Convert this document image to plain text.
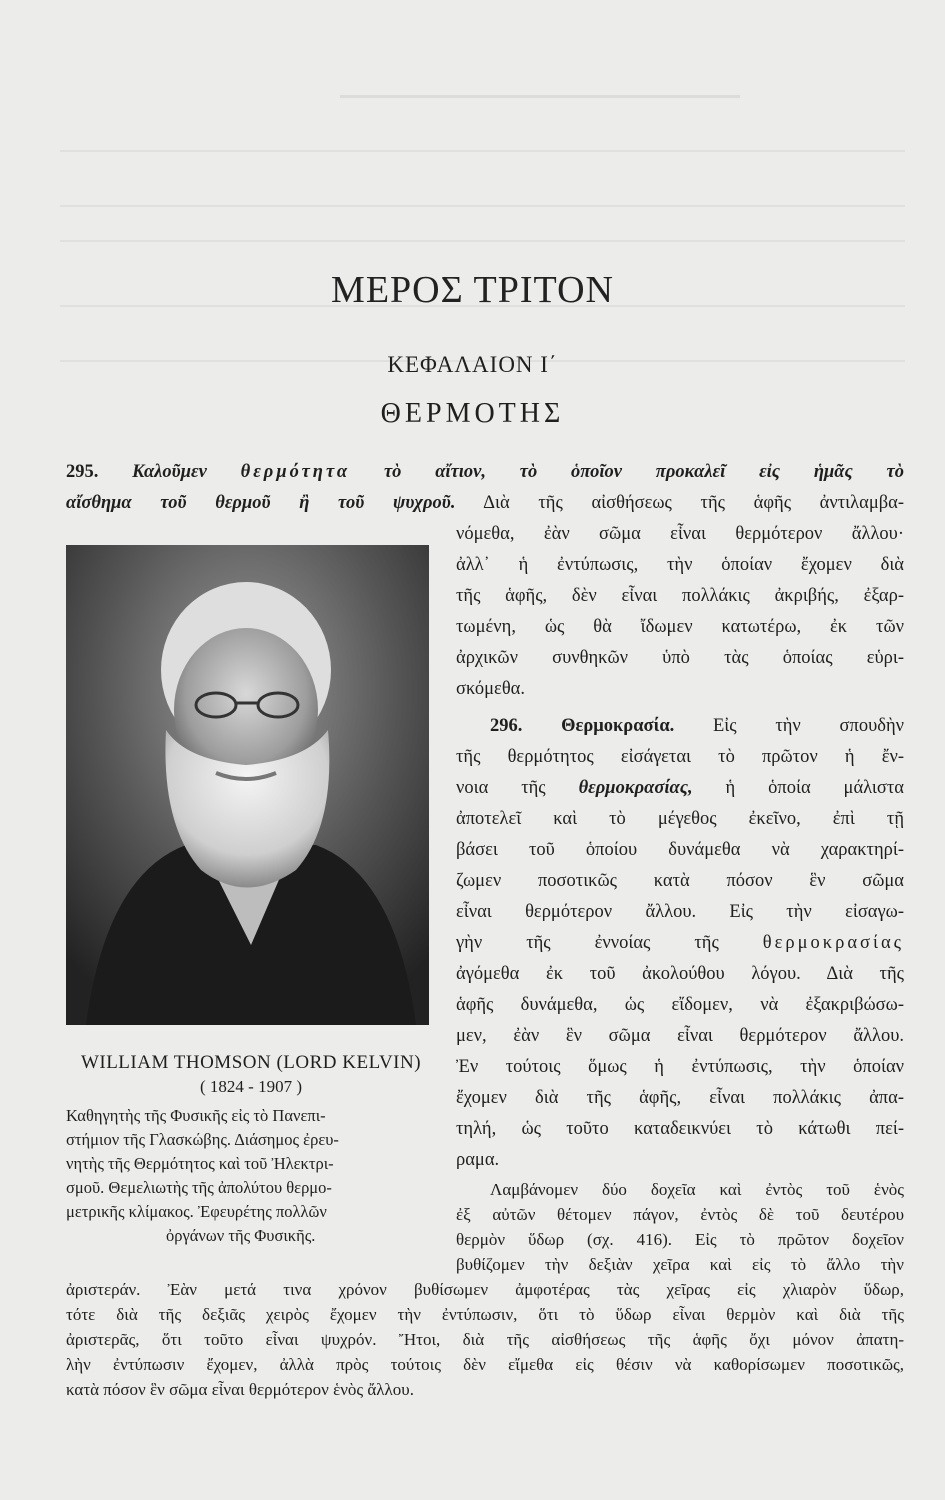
ΜΕΡΟΣ ΤΡΙΤΟΝ
ΚΕΦΑΛΑΙΟΝ Ι΄
ΘΕΡΜΟΤΗΣ
295. Καλοῦμεν θερμότητα τὸ αἴτιον, τὸ ὁποῖον προκαλεῖ εἰς ἡμᾶς τὸ
αἴσθημα τοῦ θερμοῦ ἢ τοῦ ψυχροῦ. Διὰ τῆς αἰσθήσεως τῆς ἁφῆς ἀντιλαμβα-
νόμεθα, ἐὰν σῶμα εἶναι θερμότερον ἄλλου·
ἀλλ᾽ ἡ ἐντύπωσις, τὴν ὁποίαν ἔχομεν διὰ
τῆς ἁφῆς, δὲν εἶναι πολλάκις ἀκριβής, ἐξαρ-
τωμένη, ὡς θὰ ἴδωμεν κατωτέρω, ἐκ τῶν
ἀρχικῶν συνθηκῶν ὑπὸ τὰς ὁποίας εὑρι-
σκόμεθα.
296. Θερμοκρασία. Εἰς τὴν σπουδὴν
τῆς θερμότητος εἰσάγεται τὸ πρῶτον ἡ ἔν-
νοια τῆς θερμοκρασίας, ἡ ὁποία μάλιστα
ἀποτελεῖ καὶ τὸ μέγεθος ἐκεῖνο, ἐπὶ τῇ
βάσει τοῦ ὁποίου δυνάμεθα νὰ χαρακτηρί-
ζωμεν ποσοτικῶς κατὰ πόσον ἓν σῶμα
εἶναι θερμότερον ἄλλου. Εἰς τὴν εἰσαγω-
γὴν τῆς ἐννοίας τῆς θερμοκρασίας
ἀγόμεθα ἐκ τοῦ ἀκολούθου λόγου. Διὰ τῆς
ἁφῆς δυνάμεθα, ὡς εἴδομεν, νὰ ἐξακριβώσω-
μεν, ἐὰν ἓν σῶμα εἶναι θερμότερον ἄλλου.
Ἐν τούτοις ὅμως ἡ ἐντύπωσις, τὴν ὁποίαν
ἔχομεν διὰ τῆς ἁφῆς, εἶναι πολλάκις ἀπα-
τηλή, ὡς τοῦτο καταδεικνύει τὸ κάτωθι πεί-
ραμα.
Λαμβάνομεν δύο δοχεῖα καὶ ἐντὸς τοῦ ἑνὸς
ἐξ αὐτῶν θέτομεν πάγον, ἐντὸς δὲ τοῦ δευτέρου
θερμὸν ὕδωρ (σχ. 416). Εἰς τὸ πρῶτον δοχεῖον
βυθίζομεν τὴν δεξιὰν χεῖρα καὶ εἰς τὸ ἄλλο τὴν
ἀριστεράν. Ἐὰν μετά τινα χρόνον βυθίσωμεν ἀμφοτέρας τὰς χεῖρας εἰς χλιαρὸν ὕδωρ,
τότε διὰ τῆς δεξιᾶς χειρὸς ἔχομεν τὴν ἐντύπωσιν, ὅτι τὸ ὕδωρ εἶναι θερμὸν καὶ διὰ τῆς
ἀριστερᾶς, ὅτι τοῦτο εἶναι ψυχρόν. Ἤτοι, διὰ τῆς αἰσθήσεως τῆς ἁφῆς ὄχι μόνον ἀπατη-
λὴν ἐντύπωσιν ἔχομεν, ἀλλὰ πρὸς τούτοις δὲν εἴμεθα εἰς θέσιν νὰ καθορίσωμεν ποσοτικῶς,
κατὰ πόσον ἓν σῶμα εἶναι θερμότερον ἑνὸς ἄλλου.
WILLIAM THOMSON (LORD KELVIN)
( 1824 - 1907 )
Καθηγητὴς τῆς Φυσικῆς εἰς τὸ Πανεπι-
στήμιον τῆς Γλασκώβης. Διάσημος ἐρευ-
νητὴς τῆς Θερμότητος καὶ τοῦ Ἠλεκτρι-
σμοῦ. Θεμελιωτὴς τῆς ἀπολύτου θερμο-
μετρικῆς κλίμακος. Ἐφευρέτης πολλῶν
ὀργάνων τῆς Φυσικῆς.
